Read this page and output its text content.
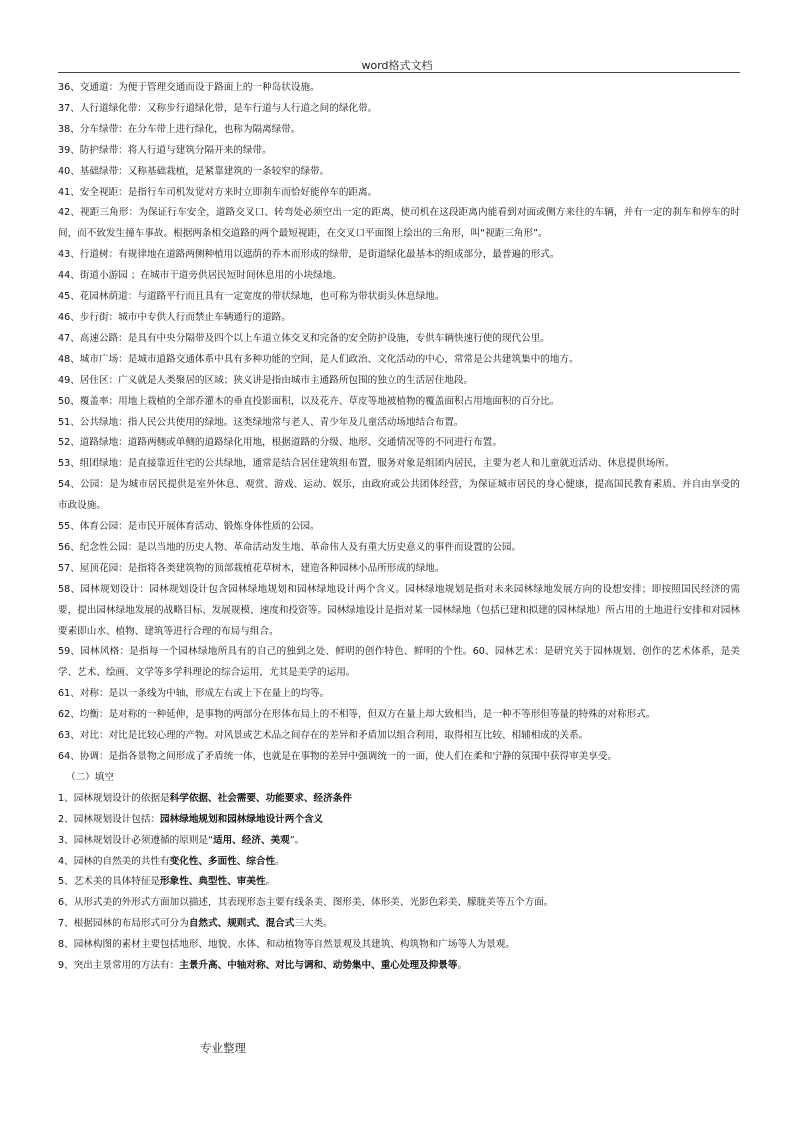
word格式文档

36、交通道：为便于管理交通而设于路面上的一种岛状设施。

37、人行道绿化带：又称步行道绿化带，是车行道与人行道之间的绿化带。

38、分车绿带：在分车带上进行绿化，也称为隔离绿带。

39、防护绿带：将人行道与建筑分隔开来的绿带。

40、基础绿带：又称基础栽植，是紧靠建筑的一条较窄的绿带。

41、安全视距：是指行车司机发觉对方来时立即刹车而恰好能停车的距离。

42、视距三角形：为保证行车安全，道路交叉口、转弯处必须空出一定的距离，使司机在这段距离内能看到对面或侧方来往的车辆，并有一定的刹车和停车的时间，而不致发生撞车事故。根据两条相交道路的两个最短视距，在交叉口平面图上绘出的三角形，叫“视距三角形”。

43、行道树：有规律地在道路两侧种植用以遮荫的乔木而形成的绿带，是街道绿化最基本的组成部分，最普遍的形式。

44、街道小游园 ；在城市干道旁供居民短时间休息用的小块绿地。

45、花园林荫道：与道路平行而且具有一定宽度的带状绿地，也可称为带状街头休息绿地。

46、步行街：城市中专供人行而禁止车辆通行的道路。

47、高速公路：是具有中央分隔带及四个以上车道立体交叉和完备的安全防护设施，专供车辆快速行使的现代公里。

48、城市广场：是城市道路交通体系中具有多种功能的空间，是人们政治、文化活动的中心，常常是公共建筑集中的地方。

49、居住区：广义就是人类聚居的区域；狭义讲是指由城市主通路所包围的独立的生活居住地段。

50、覆盖率：用地上栽植的全部乔灌木的垂直投影面积，以及花卉、草皮等地被植物的覆盖面积占用地面积的百分比。

51、公共绿地：指人民公共使用的绿地。这类绿地常与老人、青少年及儿童活动场地结合布置。

52、道路绿地：道路两侧或单侧的道路绿化用地，根据道路的分级、地形、交通情况等的不同进行布置。

53、组团绿地：是直接靠近住宅的公共绿地，通常是结合居住建筑组布置，服务对象是组团内居民，主要为老人和儿童就近活动、休息提供场所。

54、公园：是为城市居民提供是室外休息、观赏、游戏、运动、娱乐，由政府或公共团体经营，为保证城市居民的身心健康，提高国民教育素质、并自由享受的市政设施。

55、体育公园：是市民开展体育活动、锻炼身体性质的公园。

56、纪念性公园：是以当地的历史人物、革命活动发生地、革命伟人及有重大历史意义的事件而设置的公园。

57、屋顶花园：是指将各类建筑物的顶部栽植花草树木，建造各种园林小品所形成的绿地。

58、园林规划设计：园林规划设计包含园林绿地规划和园林绿地设计两个含义。园林绿地规划是指对未来园林绿地发展方向的设想安排；即按照国民经济的需要，提出园林绿地发展的战略目标、发展规模、速度和投资等。园林绿地设计是指对某一园林绿地（包括已建和拟建的园林绿地）所占用的土地进行安排和对园林要素即山水、植物、建筑等进行合理的布局与组合。

59、园林风格：是指每一个园林绿地所具有的自己的独到之处、鲜明的创作特色、鲜明的个性。60、园林艺术：是研究关于园林规划、创作的艺术体系，是美学、艺术、绘画、文学等多学科理论的综合运用，尤其是美学的运用。

61、对称：是以一条线为中轴，形成左右或上下在量上的均等。

62、均衡：是对称的一种延伸，是事物的两部分在形体布局上的不相等，但双方在量上却大致相当，是一种不等形但等量的特殊的对称形式。

63、对比：对比是比较心理的产物。对风景或艺术品之间存在的差异和矛盾加以组合利用，取得相互比较、相辅相成的关系。

64、协调：是指各景物之间形成了矛盾统一体，也就是在事物的差异中强调统一的一面，使人们在柔和宁静的氛围中获得审美享受。

（二）填空

1、园林规划设计的依据是科学依据、社会需要、功能要求、经济条件

2、园林规划设计包括：园林绿地规划和园林绿地设计两个含义

3、园林规划设计必须遵循的原则是“适用、经济、美观”。

4、园林的自然美的共性有变化性、多面性、综合性。

5、艺术美的具体特征是形象性、典型性、审美性。

6、从形式美的外形式方面加以描述，其表现形态主要有线条美、图形美、体形美、光影色彩美、朦胧美等五个方面。

7、根据园林的布局形式可分为自然式、规则式、混合式三大类。

8、园林构图的素材主要包括地形、地貌、水体、和动植物等自然景观及其建筑、构筑物和广场等人为景观。

9、突出主景常用的方法有：主景升高、中轴对称、对比与调和、动势集中、重心处理及抑景等。

专业整理
